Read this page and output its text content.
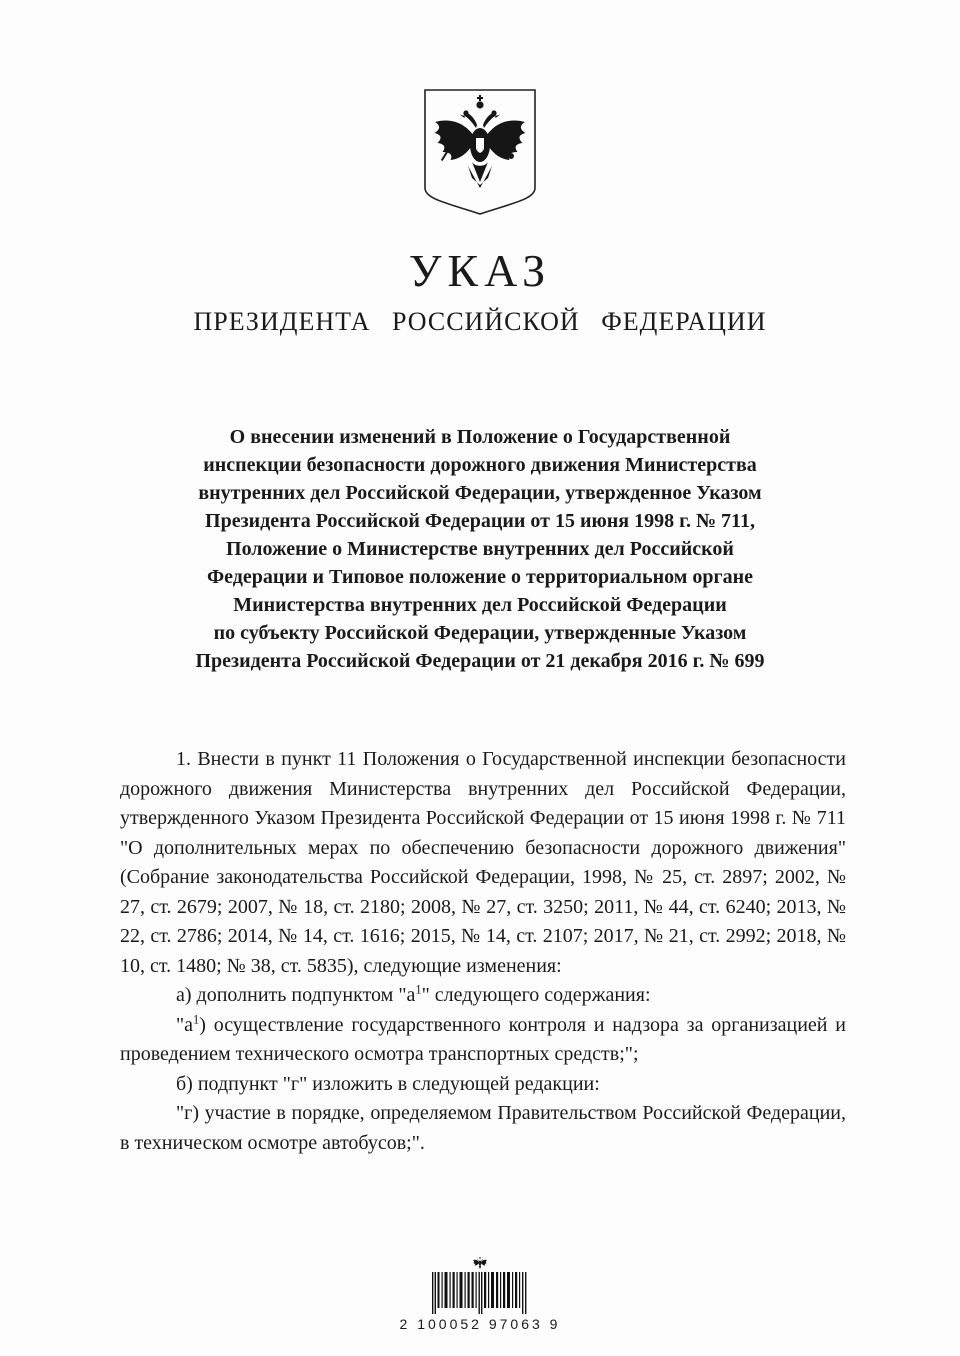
УКАЗ
ПРЕЗИДЕНТА РОССИЙСКОЙ ФЕДЕРАЦИИ
О внесении изменений в Положение о Государственной
инспекции безопасности дорожного движения Министерства
внутренних дел Российской Федерации, утвержденное Указом
Президента Российской Федерации от 15 июня 1998 г. № 711,
Положение о Министерстве внутренних дел Российской
Федерации и Типовое положение о территориальном органе
Министерства внутренних дел Российской Федерации
по субъекту Российской Федерации, утвержденные Указом
Президента Российской Федерации от 21 декабря 2016 г. № 699

1. Внести в пункт 11 Положения о Государственной инспекции безопасности дорожного движения Министерства внутренних дел Российской Федерации, утвержденного Указом Президента Российской Федерации от 15 июня 1998 г. № 711 "О дополнительных мерах по обеспечению безопасности дорожного движения" (Собрание законодательства Российской Федерации, 1998, № 25, ст. 2897; 2002, № 27, ст. 2679; 2007, № 18, ст. 2180; 2008, № 27, ст. 3250; 2011, № 44, ст. 6240; 2013, № 22, ст. 2786; 2014, № 14, ст. 1616; 2015, № 14, ст. 2107; 2017, № 21, ст. 2992; 2018, № 10, ст. 1480; № 38, ст. 5835), следующие изменения:

а) дополнить подпунктом "$а^1$" следующего содержания:

"$а^1$) осуществление государственного контроля и надзора за организацией и проведением технического осмотра транспортных средств;";

б) подпункт "г" изложить в следующей редакции:

"г) участие в порядке, определяемом Правительством Российской Федерации, в техническом осмотре автобусов;".

2 100052 97063 9
